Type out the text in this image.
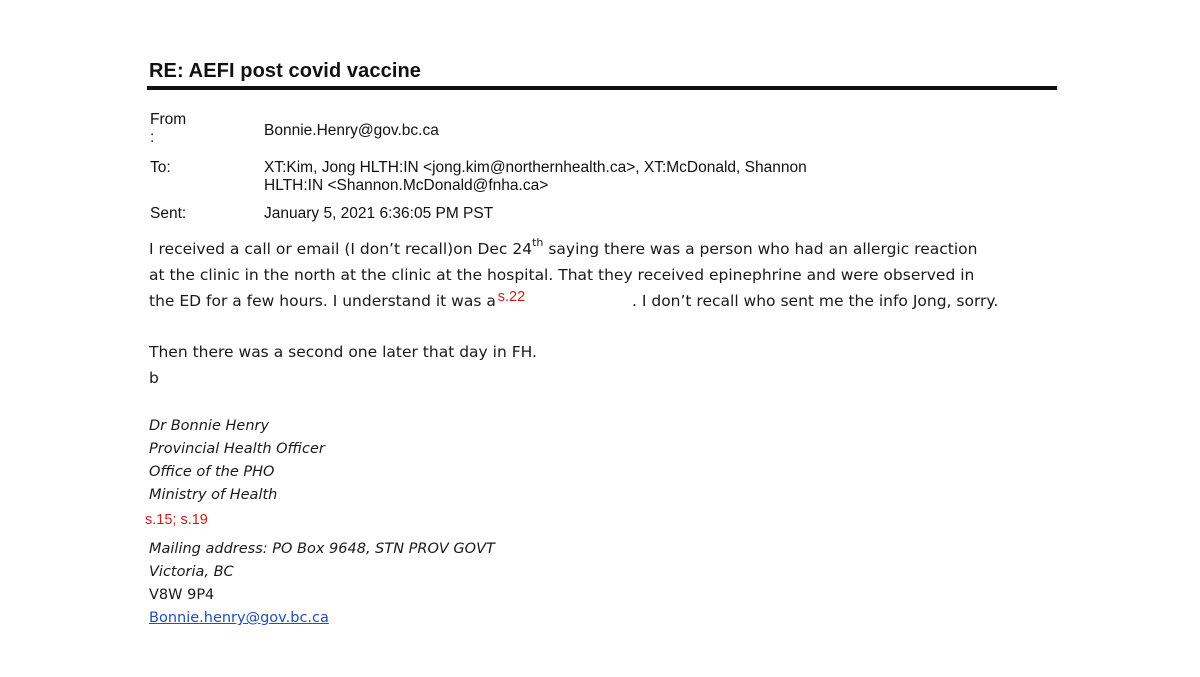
RE: AEFI post covid vaccine
From
:	Bonnie.Henry@gov.bc.ca
To:	XT:Kim, Jong HLTH:IN <jong.kim@northernhealth.ca>, XT:McDonald, Shannon
HLTH:IN <Shannon.McDonald@fnha.ca>
Sent:	January 5, 2021 6:36:05 PM PST
I received a call or email (I don’t recall)on Dec 24th saying there was a person who had an allergic reaction
at the clinic in the north at the clinic at the hospital. That they received epinephrine and were observed in
the ED for a few hours. I understand it was a s.22	. I don’t recall who sent me the info Jong, sorry.
Then there was a second one later that day in FH.
b
Dr Bonnie Henry
Provincial Health Officer
Office of the PHO
Ministry of Health
s.15; s.19
Mailing address: PO Box 9648, STN PROV GOVT
Victoria, BC
V8W 9P4
Bonnie.henry@gov.bc.ca
